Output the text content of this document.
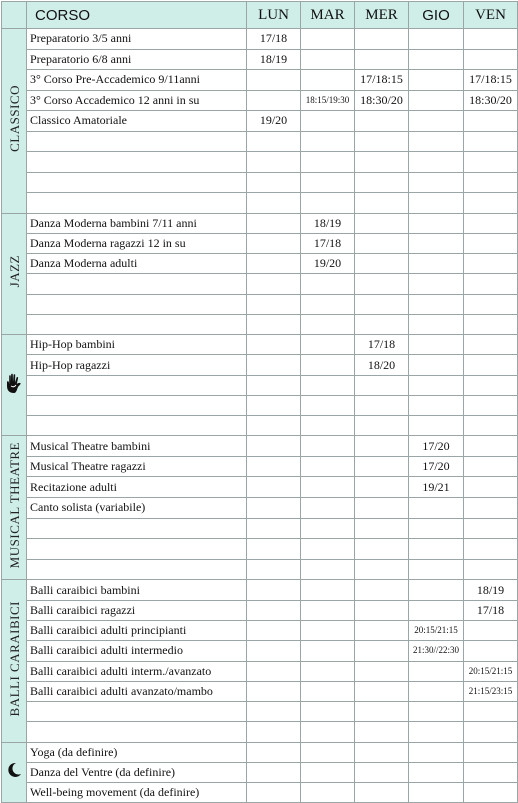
	CORSO	LUN	MAR	MER	GIO	VEN
CLASSICO	Preparatorio 3/5 anni	17/18				
	Preparatorio 6/8 anni	18/19				
	3° Corso Pre-Accademico 9/11anni			17/18:15		17/18:15
	3° Corso Accademico 12 anni in su		18:15/19:30	18:30/20		18:30/20
	Classico Amatoriale	19/20				

JAZZ	Danza Moderna bambini 7/11 anni		18/19			
	Danza Moderna ragazzi 12 in su		17/18			
	Danza Moderna adulti		19/20			

	Hip-Hop bambini			17/18		
	Hip-Hop ragazzi			18/20		

MUSICAL THEATRE	Musical Theatre bambini				17/20	
	Musical Theatre ragazzi				17/20	
	Recitazione adulti				19/21	
	Canto solista (variabile)					

BALLI CARAIBICI	Balli caraibici bambini					18/19
	Balli caraibici ragazzi					17/18
	Balli caraibici adulti principianti				20:15/21:15	
	Balli caraibici adulti intermedio				21:30//22:30	
	Balli caraibici adulti interm./avanzato					20:15/21:15
	Balli caraibici adulti avanzato/mambo					21:15/23:15

	Yoga (da definire)					
	Danza del Ventre (da definire)					
	Well-being movement (da definire)					
